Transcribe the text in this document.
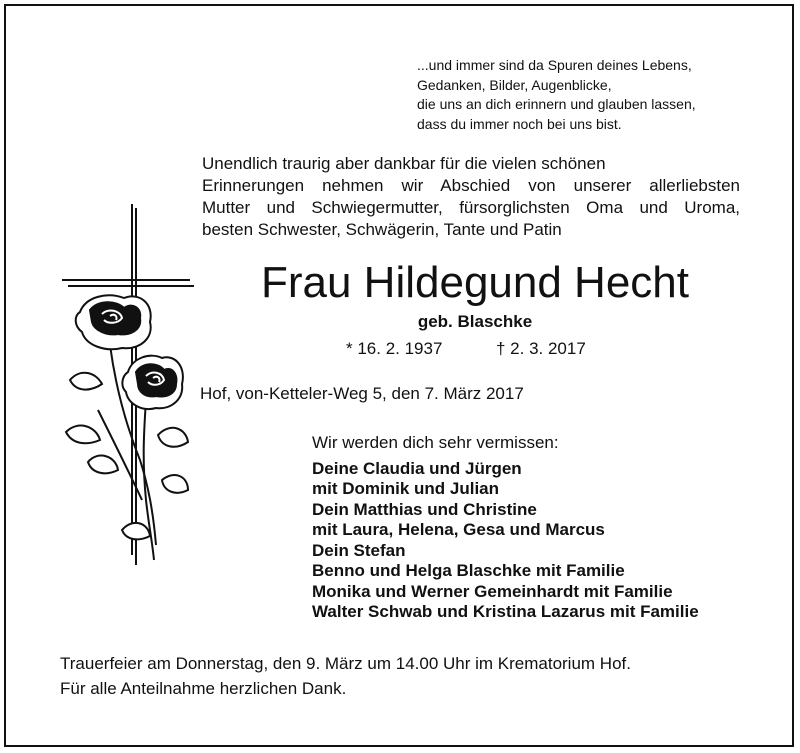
...und immer sind da Spuren deines Lebens,
Gedanken, Bilder, Augenblicke,
die uns an dich erinnern und glauben lassen,
dass du immer noch bei uns bist.
Unendlich traurig aber dankbar für die vielen schönen
Erinnerungen nehmen wir Abschied von unserer allerliebsten
Mutter und Schwiegermutter, fürsorglichsten Oma und Uroma,
besten Schwester, Schwägerin, Tante und Patin
Frau Hildegund Hecht
geb. Blaschke
* 16. 2. 1937	† 2. 3. 2017
Hof, von-Ketteler-Weg 5, den 7. März 2017
Wir werden dich sehr vermissen:
Deine Claudia und Jürgen
mit Dominik und Julian
Dein Matthias und Christine
mit Laura, Helena, Gesa und Marcus
Dein Stefan
Benno und Helga Blaschke mit Familie
Monika und Werner Gemeinhardt mit Familie
Walter Schwab und Kristina Lazarus mit Familie
Trauerfeier am Donnerstag, den 9. März um 14.00 Uhr im Krematorium Hof.
Für alle Anteilnahme herzlichen Dank.
